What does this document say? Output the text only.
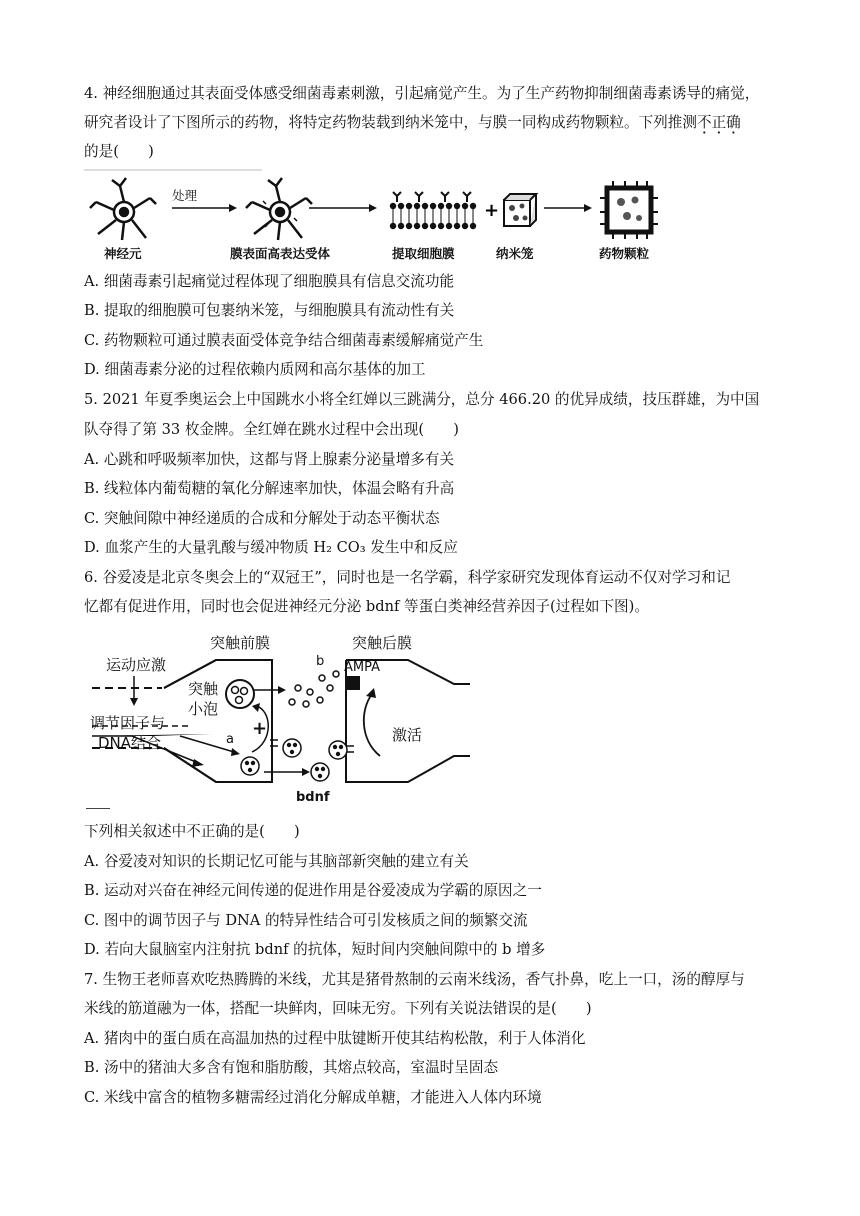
4. 神经细胞通过其表面受体感受细菌毒素刺激，引起痛觉产生。为了生产药物抑制细菌毒素诱导的痛觉，
研究者设计了下图所示的药物，将特定药物装载到纳米笼中，与膜一同构成药物颗粒。下列推测不正确
的是(　　)
+
处理
神经元	膜表面高表达受体	提取细胞膜	纳米笼	药物颗粒
A. 细菌毒素引起痛觉过程体现了细胞膜具有信息交流功能
B. 提取的细胞膜可包裹纳米笼，与细胞膜具有流动性有关
C. 药物颗粒可通过膜表面受体竞争结合细菌毒素缓解痛觉产生
D. 细菌毒素分泌的过程依赖内质网和高尔基体的加工
5. 2021 年夏季奥运会上中国跳水小将全红婵以三跳满分，总分 466.20 的优异成绩，技压群雄，为中国
队夺得了第 33 枚金牌。全红婵在跳水过程中会出现(　　)
A. 心跳和呼吸频率加快，这都与肾上腺素分泌量增多有关
B. 线粒体内葡萄糖的氧化分解速率加快，体温会略有升高
C. 突触间隙中神经递质的合成和分解处于动态平衡状态
D. 血浆产生的大量乳酸与缓冲物质 H₂ CO₃ 发生中和反应
6. 谷爱凌是北京冬奥会上的“双冠王”，同时也是一名学霸，科学家研究发现体育运动不仅对学习和记
忆都有促进作用，同时也会促进神经元分泌 bdnf 等蛋白类神经营养因子(过程如下图)。
突触前膜	突触后膜
运动应激
突触
小泡
调节因子与
DNA结合	a
b
+
AMPA
激活
bdnf
下列相关叙述中不正确的是(　　)
A. 谷爱凌对知识的长期记忆可能与其脑部新突触的建立有关
B. 运动对兴奋在神经元间传递的促进作用是谷爱凌成为学霸的原因之一
C. 图中的调节因子与 DNA 的特异性结合可引发核质之间的频繁交流
D. 若向大鼠脑室内注射抗 bdnf 的抗体，短时间内突触间隙中的 b 增多
7. 生物王老师喜欢吃热腾腾的米线，尤其是猪骨熬制的云南米线汤，香气扑鼻，吃上一口，汤的醇厚与
米线的筋道融为一体，搭配一块鲜肉，回味无穷。下列有关说法错误的是(　　)
A. 猪肉中的蛋白质在高温加热的过程中肽键断开使其结构松散，利于人体消化
B. 汤中的猪油大多含有饱和脂肪酸，其熔点较高，室温时呈固态
C. 米线中富含的植物多糖需经过消化分解成单糖，才能进入人体内环境
